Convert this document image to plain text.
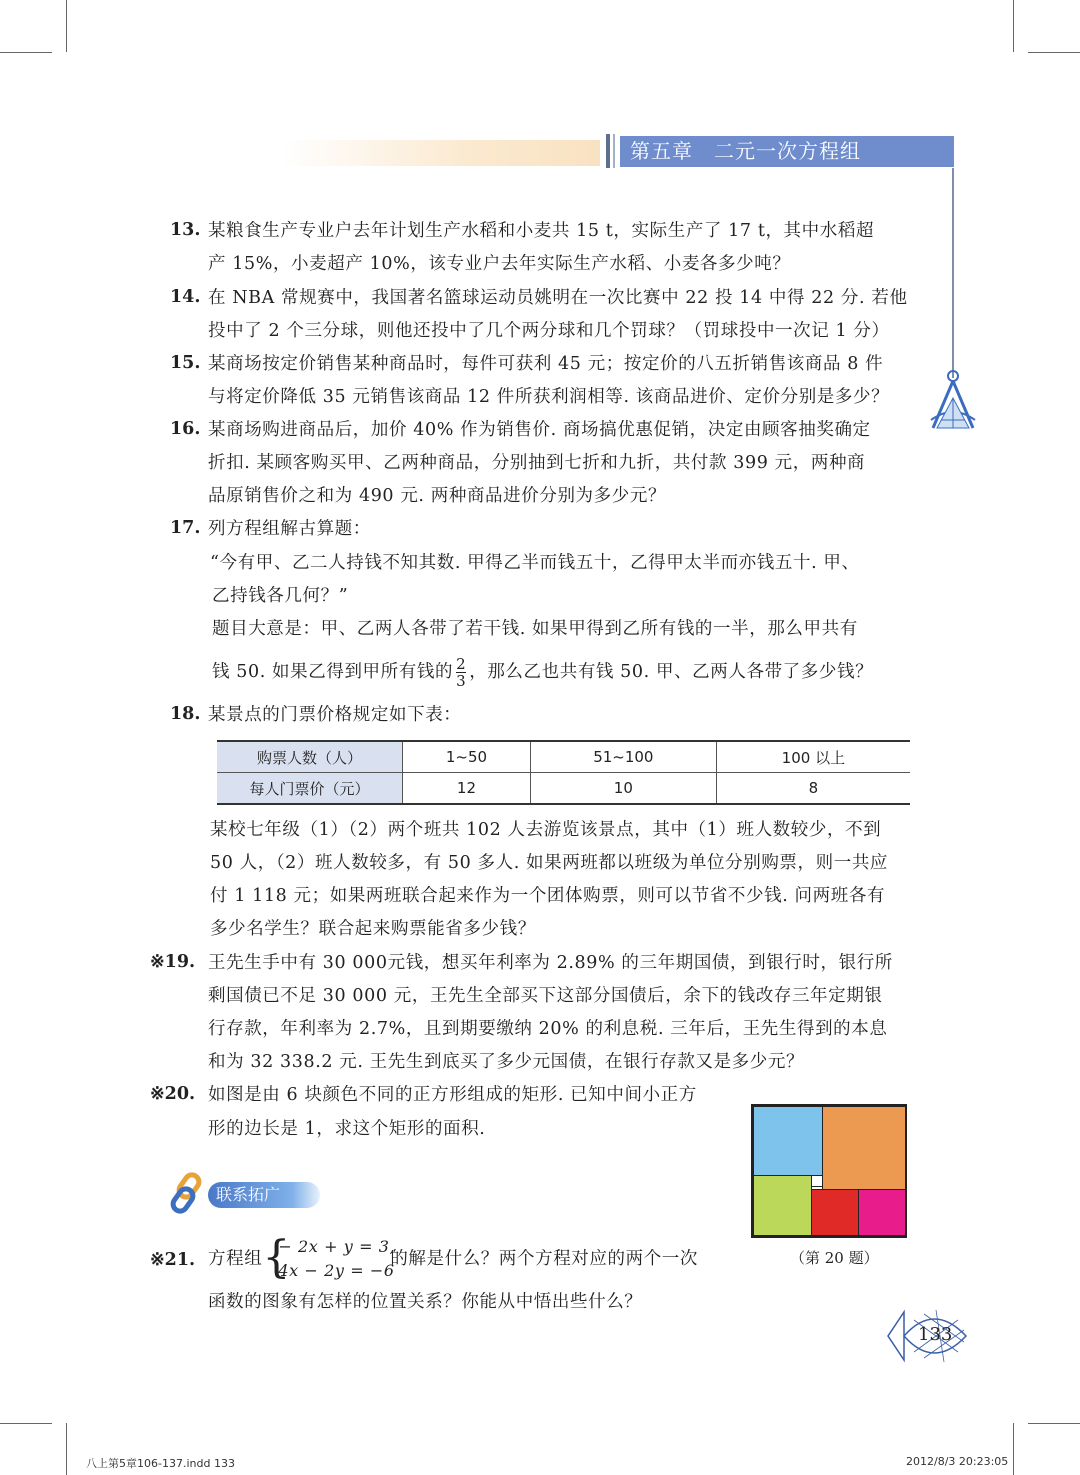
第五章　二元一次方程组
13. 某粮食生产专业户去年计划生产水稻和小麦共 15 t，实际生产了 17 t，其中水稻超
产 15%，小麦超产 10%，该专业户去年实际生产水稻、小麦各多少吨？
14. 在 NBA 常规赛中，我国著名篮球运动员姚明在一次比赛中 22 投 14 中得 22 分. 若他
投中了 2 个三分球，则他还投中了几个两分球和几个罚球？（罚球投中一次记 1 分）
15. 某商场按定价销售某种商品时，每件可获利 45 元；按定价的八五折销售该商品 8 件
与将定价降低 35 元销售该商品 12 件所获利润相等. 该商品进价、定价分别是多少？
16. 某商场购进商品后，加价 40% 作为销售价. 商场搞优惠促销，决定由顾客抽奖确定
折扣. 某顾客购买甲、乙两种商品，分别抽到七折和九折，共付款 399 元，两种商
品原销售价之和为 490 元. 两种商品进价分别为多少元？
17. 列方程组解古算题：
“今有甲、乙二人持钱不知其数. 甲得乙半而钱五十，乙得甲太半而亦钱五十. 甲、
乙持钱各几何？”
题目大意是：甲、乙两人各带了若干钱. 如果甲得到乙所有钱的一半，那么甲共有
钱 50. 如果乙得到甲所有钱的 $\frac{2}{3}$ ，那么乙也共有钱 50. 甲、乙两人各带了多少钱？
18. 某景点的门票价格规定如下表：
购票人数（人）	1~50	51~100	100 以上
每人门票价（元）	12	10	8
某校七年级（1）（2）两个班共 102 人去游览该景点，其中（1）班人数较少，不到
50 人，（2）班人数较多，有 50 多人. 如果两班都以班级为单位分别购票，则一共应
付 1 118 元；如果两班联合起来作为一个团体购票，则可以节省不少钱. 问两班各有
多少名学生？联合起来购票能省多少钱？
※19. 王先生手中有 30 000元钱，想买年利率为 2.89% 的三年期国债，到银行时，银行所
剩国债已不足 30 000 元，王先生全部买下这部分国债后，余下的钱改存三年定期银
行存款，年利率为 2.7%，且到期要缴纳 20% 的利息税. 三年后，王先生得到的本息
和为 32 338.2 元. 王先生到底买了多少元国债，在银行存款又是多少元？
※20. 如图是由 6 块颜色不同的正方形组成的矩形. 已知中间小正方
形的边长是 1，求这个矩形的面积.
（第 20 题）
联系拓广
※21. 方程组 {
− 2x + y = 3,
4x − 2y = −6
的解是什么？两个方程对应的两个一次
函数的图象有怎样的位置关系？你能从中悟出些什么？
133
八上第5章106-137.indd 133	2012/8/3 20:23:05
